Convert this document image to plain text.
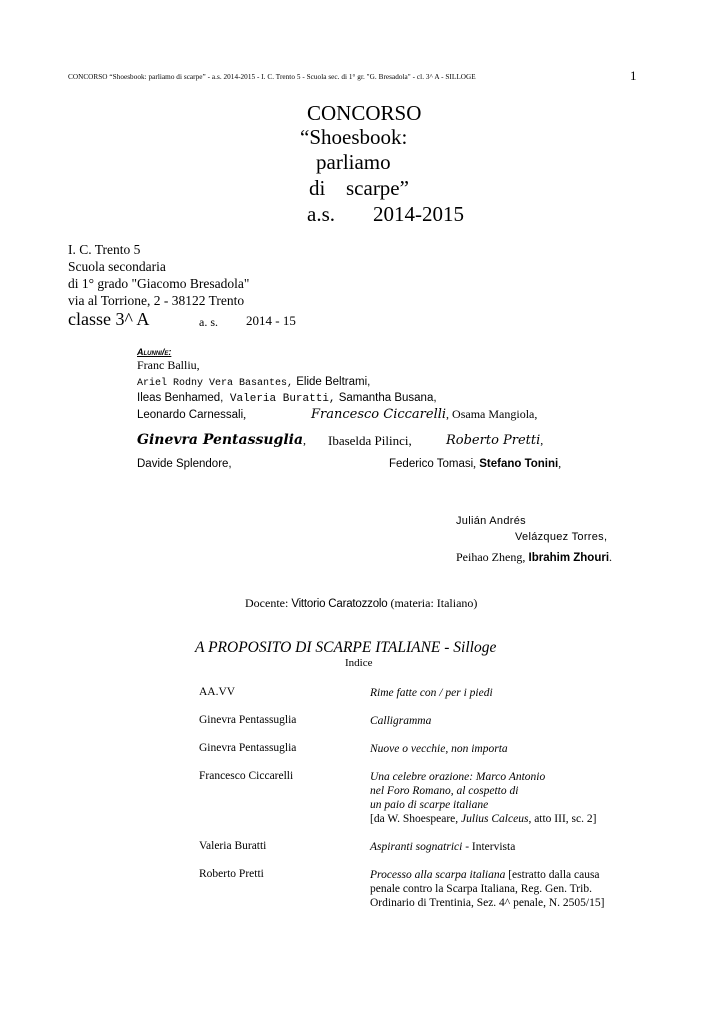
CONCORSO “Shoesbook: parliamo di scarpe” - a.s. 2014-2015 - I. C. Trento 5 - Scuola sec. di 1° gr. "G. Bresadola" - cl. 3^ A - SILLOGE	1
CONCORSO
“Shoesbook:
parliamo
di scarpe”
a.s. 2014-2015
I. C. Trento 5
Scuola secondaria
di 1° grado "Giacomo Bresadola"
via al Torrione, 2 - 38122 Trento
classe 3^ A	a. s. 2014 - 15
Alunni/e:
Franc Balliu,
Ariel Rodny Vera Basantes, Elide Beltrami,
Ileas Benhamed, Valeria Buratti, Samantha Busana,
Leonardo Carnessali,	Francesco Ciccarelli, Osama Mangiola,
Ginevra Pentassuglia, Ibaselda Pilinci,	Roberto Pretti,
Davide Splendore,	Federico Tomasi, Stefano Tonini,
Julián Andrés
Velázquez Torres,
Peihao Zheng, Ibrahim Zhouri.
Docente: Vittorio Caratozzolo (materia: Italiano)
A PROPOSITO DI SCARPE ITALIANE - Silloge
Indice
AA.VV	Rime fatte con / per i piedi
Ginevra Pentassuglia	Calligramma
Ginevra Pentassuglia	Nuove o vecchie, non importa
Francesco Ciccarelli	Una celebre orazione: Marco Antonio
nel Foro Romano, al cospetto di
un paio di scarpe italiane
[da W. Shoespeare, Julius Calceus, atto III, sc. 2]
Valeria Buratti	Aspiranti sognatrici - Intervista
Roberto Pretti	Processo alla scarpa italiana [estratto dalla causa
penale contro la Scarpa Italiana, Reg. Gen. Trib.
Ordinario di Trentinia, Sez. 4^ penale, N. 2505/15]
